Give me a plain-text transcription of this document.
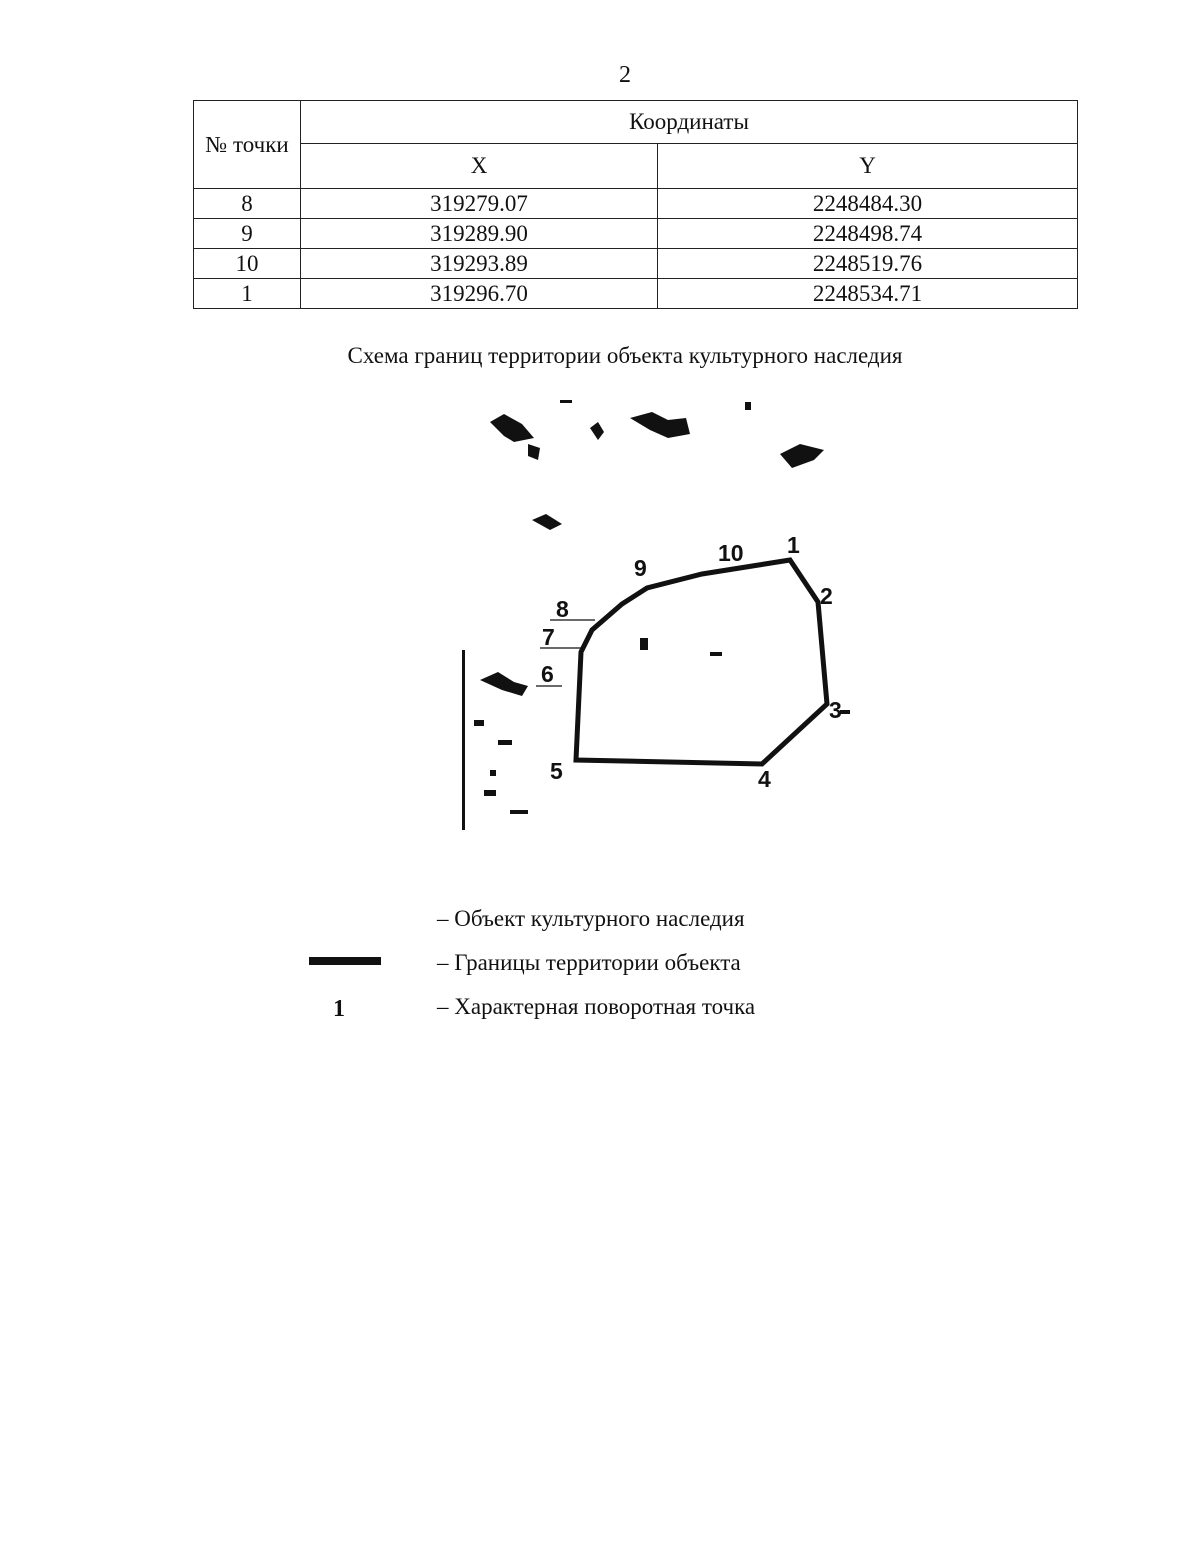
2
№ точки	Координаты	
	X	Y
8	319279.07	2248484.30
9	319289.90	2248498.74
10	319293.89	2248519.76
1	319296.70	2248534.71
Схема границ территории объекта культурного наследия
1
2
3
4
5
6
7
8
9
10
– Объект культурного наследия
– Границы территории объекта
1	– Характерная поворотная точка
